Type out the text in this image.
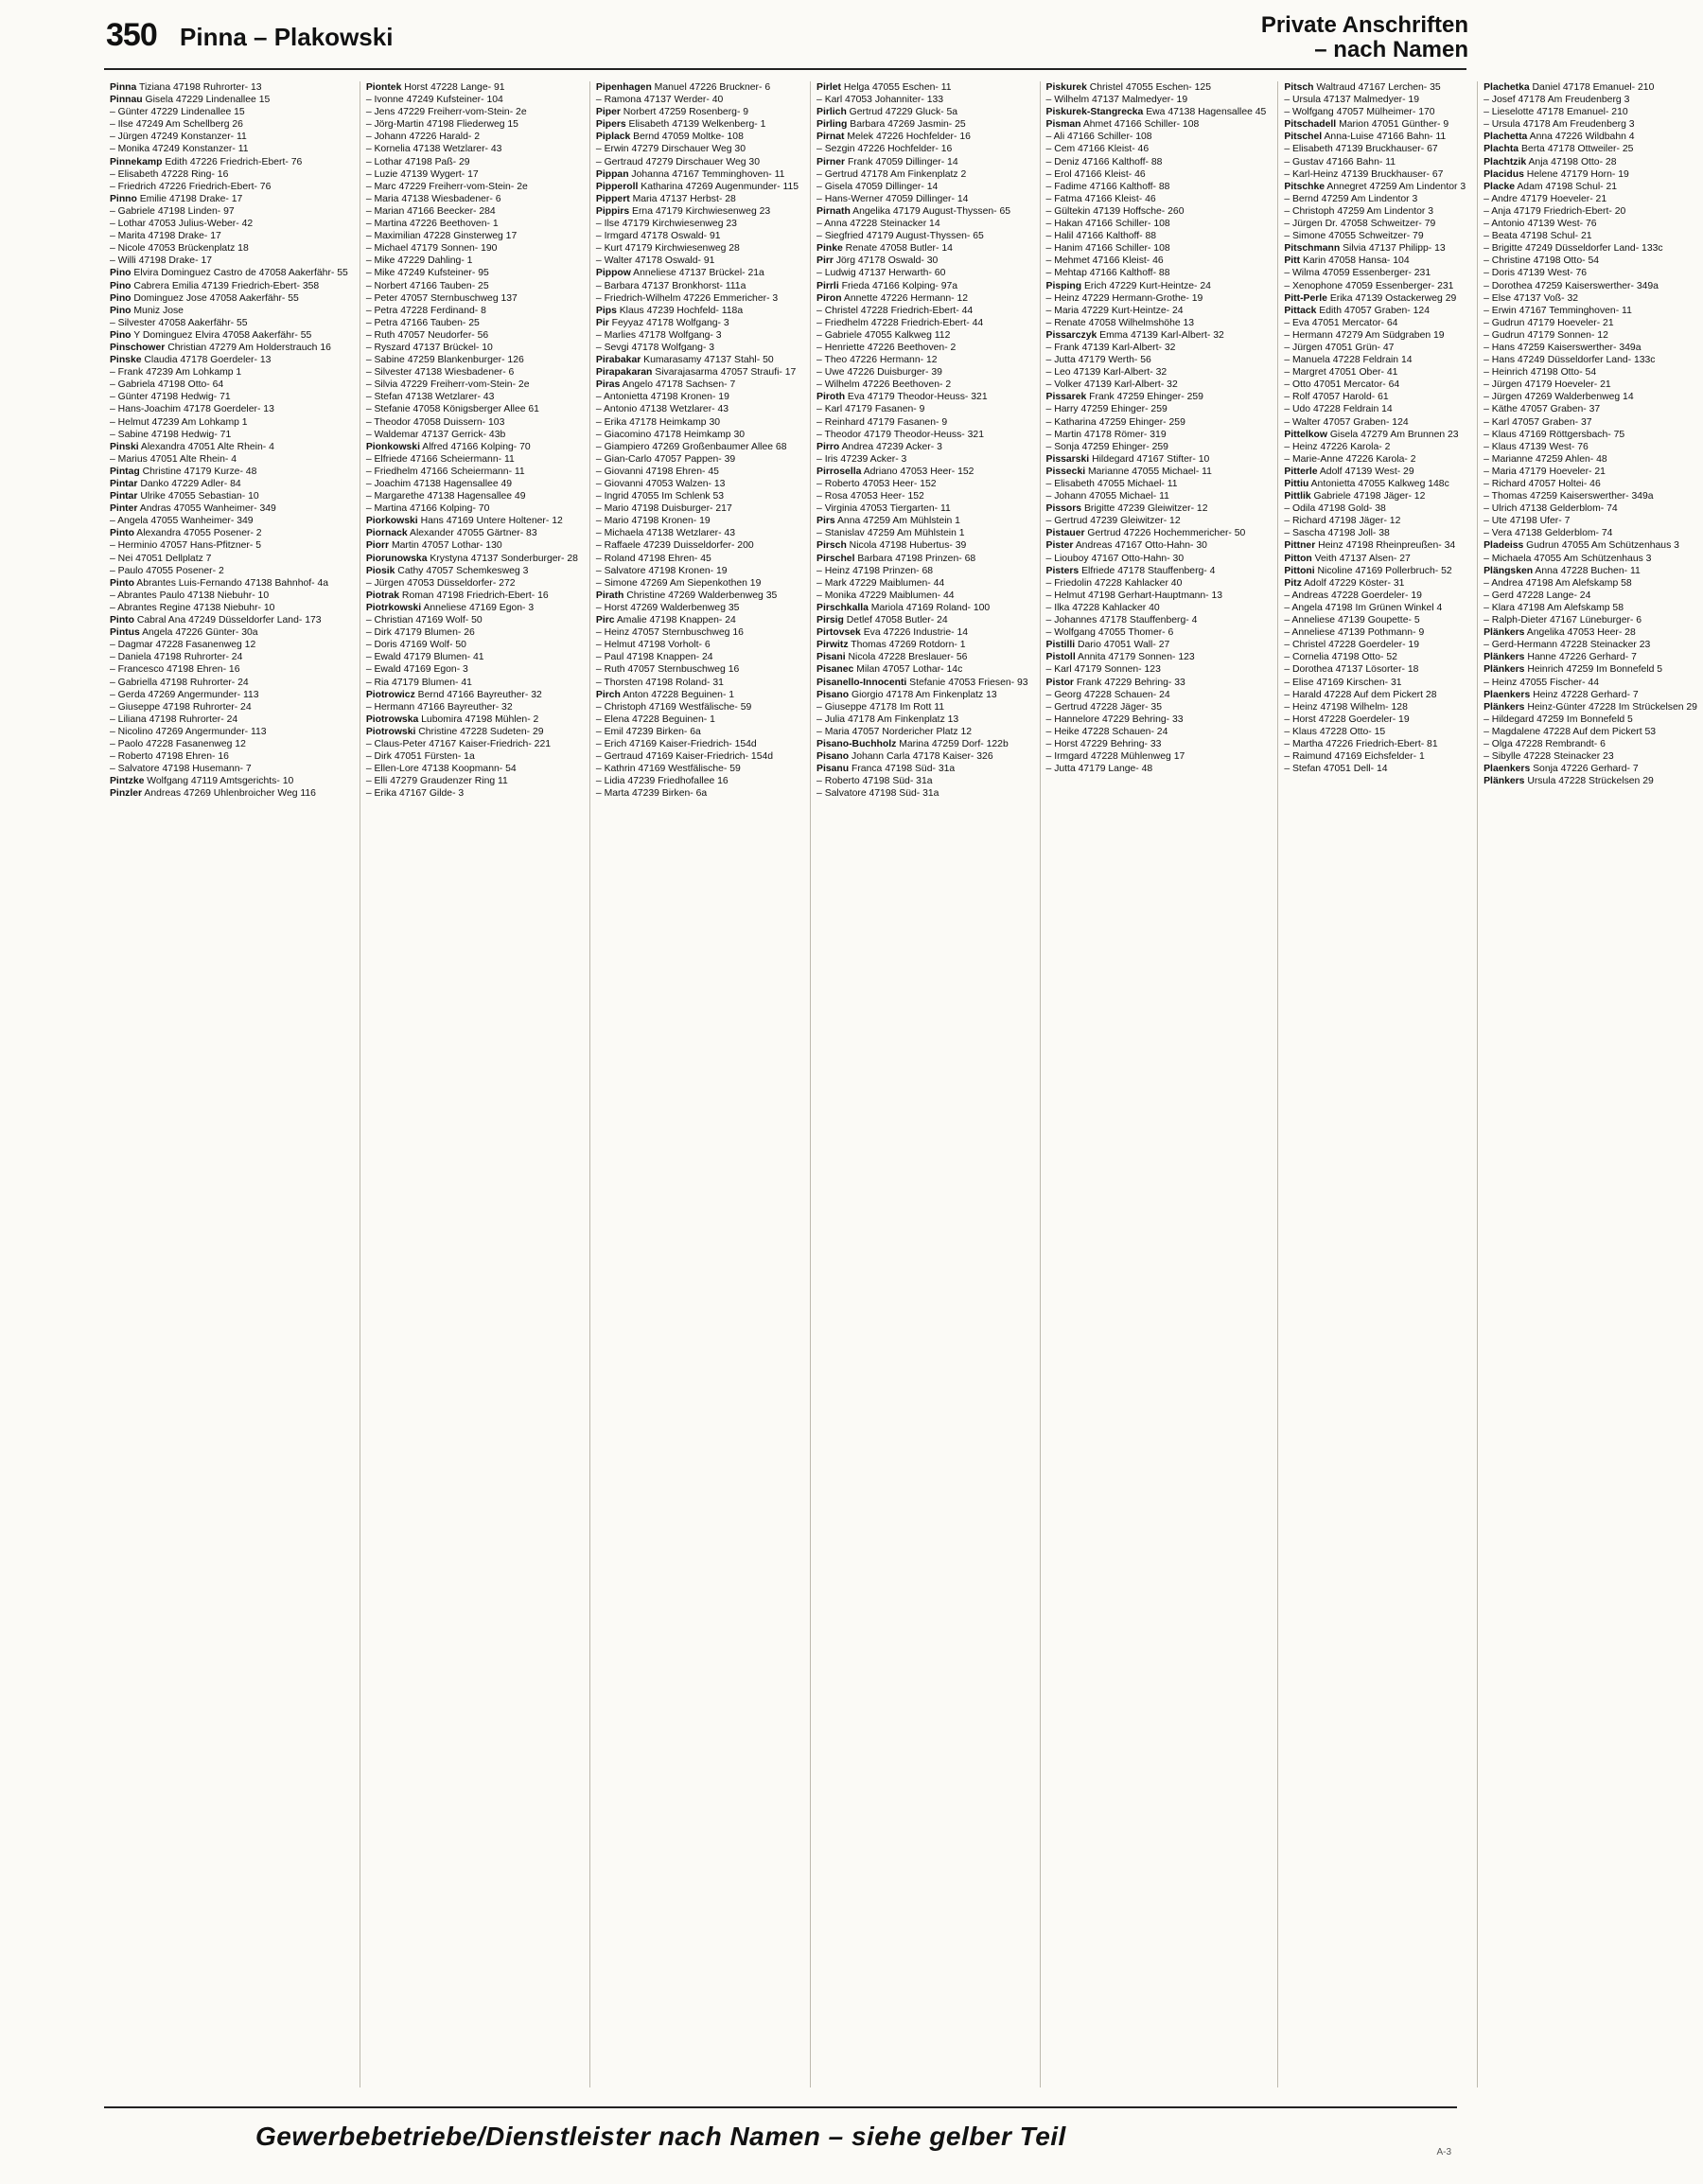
350 Pinna – Plakowski	Private Anschriften
– nach Namen
Pinna Tiziana 47198 Ruhrorter- 13
Pinnau Gisela 47229 Lindenallee 15
– Günter 47229 Lindenallee 15
– Ilse 47249 Am Schellberg 26
– Jürgen 47249 Konstanzer- 11
– Monika 47249 Konstanzer- 11
Pinnekamp Edith 47226 Friedrich-Ebert- 76
– Elisabeth 47228 Ring- 16
– Friedrich 47226 Friedrich-Ebert- 76
Pinno Emilie 47198 Drake- 17
– Gabriele 47198 Linden- 97
– Lothar 47053 Julius-Weber- 42
– Marita 47198 Drake- 17
– Nicole 47053 Brückenplatz 18
– Willi 47198 Drake- 17
Pino Elvira Dominguez Castro de 47058 Aakerfähr- 55
Pino Cabrera Emilia 47139 Friedrich-Ebert- 358
Pino Dominguez Jose 47058 Aakerfähr- 55
Pino Muniz Jose
– Silvester 47058 Aakerfähr- 55
Pino Y Dominguez Elvira 47058 Aakerfähr- 55
Pinschower Christian 47279 Am Holderstrauch 16
Pinske Claudia 47178 Goerdeler- 13
– Frank 47239 Am Lohkamp 1
– Gabriela 47198 Otto- 64
– Günter 47198 Hedwig- 71
– Hans-Joachim 47178 Goerdeler- 13
– Helmut 47239 Am Lohkamp 1
– Sabine 47198 Hedwig- 71
Pinski Alexandra 47051 Alte Rhein- 4
– Marius 47051 Alte Rhein- 4
Pintag Christine 47179 Kurze- 48
Pintar Danko 47229 Adler- 84
Pintar Ulrike 47055 Sebastian- 10
Pinter Andras 47055 Wanheimer- 349
– Angela 47055 Wanheimer- 349
Pinto Alexandra 47055 Posener- 2
– Herminio 47057 Hans-Pfitzner- 5
– Nei 47051 Dellplatz 7
– Paulo 47055 Posener- 2
Pinto Abrantes Luis-Fernando 47138 Bahnhof- 4a
– Abrantes Paulo 47138 Niebuhr- 10
– Abrantes Regine 47138 Niebuhr- 10
Pinto Cabral Ana 47249 Düsseldorfer Land- 173
Pintus Angela 47226 Günter- 30a
– Dagmar 47228 Fasanenweg 12
– Daniela 47198 Ruhrorter- 24
– Francesco 47198 Ehren- 16
– Gabriella 47198 Ruhrorter- 24
– Gerda 47269 Angermunder- 113
– Giuseppe 47198 Ruhrorter- 24
– Liliana 47198 Ruhrorter- 24
– Nicolino 47269 Angermunder- 113
– Paolo 47228 Fasanenweg 12
– Roberto 47198 Ehren- 16
– Salvatore 47198 Husemann- 7
Pintzke Wolfgang 47119 Amtsgerichts- 10
Pinzler Andreas 47269 Uhlenbroicher Weg 116
Piontek Horst 47228 Lange- 91
– Ivonne 47249 Kufsteiner- 104
– Jens 47229 Freiherr-vom-Stein- 2e
– Jörg-Martin 47198 Fliederweg 15
– Johann 47226 Harald- 2
– Kornelia 47138 Wetzlarer- 43
– Lothar 47198 Paß- 29
– Luzie 47139 Wygert- 17
– Marc 47229 Freiherr-vom-Stein- 2e
– Maria 47138 Wiesbadener- 6
– Marian 47166 Beecker- 284
– Martina 47226 Beethoven- 1
– Maximilian 47228 Ginsterweg 17
– Michael 47179 Sonnen- 190
– Mike 47229 Dahling- 1
– Mike 47249 Kufsteiner- 95
– Norbert 47166 Tauben- 25
– Peter 47057 Sternbuschweg 137
– Petra 47228 Ferdinand- 8
– Petra 47166 Tauben- 25
– Ruth 47057 Neudorfer- 56
– Ryszard 47137 Brückel- 10
– Sabine 47259 Blankenburger- 126
– Silvester 47138 Wiesbadener- 6
– Silvia 47229 Freiherr-vom-Stein- 2e
– Stefan 47138 Wetzlarer- 43
– Stefanie 47058 Königsberger Allee 61
– Theodor 47058 Duissern- 103
– Waldemar 47137 Gerrick- 43b
Pionkowski Alfred 47166 Kolping- 70
– Elfriede 47166 Scheiermann- 11
– Friedhelm 47166 Scheiermann- 11
– Joachim 47138 Hagensallee 49
– Margarethe 47138 Hagensallee 49
– Martina 47166 Kolping- 70
Piorkowski Hans 47169 Untere Holtener- 12
Piornack Alexander 47055 Gärtner- 83
Piorr Martin 47057 Lothar- 130
Piorunowska Krystyna 47137 Sonderburger- 28
Piosik Cathy 47057 Schemkesweg 3
– Jürgen 47053 Düsseldorfer- 272
Piotrak Roman 47198 Friedrich-Ebert- 16
Piotrkowski Anneliese 47169 Egon- 3
– Christian 47169 Wolf- 50
– Dirk 47179 Blumen- 26
– Doris 47169 Wolf- 50
– Ewald 47179 Blumen- 41
– Ewald 47169 Egon- 3
– Ria 47179 Blumen- 41
Piotrowicz Bernd 47166 Bayreuther- 32
– Hermann 47166 Bayreuther- 32
Piotrowska Lubomira 47198 Mühlen- 2
Piotrowski Christine 47228 Sudeten- 29
– Claus-Peter 47167 Kaiser-Friedrich- 221
– Dirk 47051 Fürsten- 1a
– Ellen-Lore 47138 Koopmann- 54
– Elli 47279 Graudenzer Ring 11
– Erika 47167 Gilde- 3
Pipenhagen Manuel 47226 Bruckner- 6
– Ramona 47137 Werder- 40
Piper Norbert 47259 Rosenberg- 9
Pipers Elisabeth 47139 Welkenberg- 1
Piplack Bernd 47059 Moltke- 108
– Erwin 47279 Dirschauer Weg 30
– Gertraud 47279 Dirschauer Weg 30
Pippan Johanna 47167 Temminghoven- 11
Pipperoll Katharina 47269 Augenmunder- 115
Pippert Maria 47137 Herbst- 28
Pippirs Erna 47179 Kirchwiesenweg 23
– Ilse 47179 Kirchwiesenweg 23
– Irmgard 47178 Oswald- 91
– Kurt 47179 Kirchwiesenweg 28
– Walter 47178 Oswald- 91
Pippow Anneliese 47137 Brückel- 21a
– Barbara 47137 Bronkhorst- 111a
– Friedrich-Wilhelm 47226 Emmericher- 3
Pips Klaus 47239 Hochfeld- 118a
Pir Feyyaz 47178 Wolfgang- 3
– Marlies 47178 Wolfgang- 3
– Sevgi 47178 Wolfgang- 3
Pirabakar Kumarasamy 47137 Stahl- 50
Pirapakaran Sivarajasarma 47057 Straufi- 17
Piras Angelo 47178 Sachsen- 7
– Antonietta 47198 Kronen- 19
– Antonio 47138 Wetzlarer- 43
– Erika 47178 Heimkamp 30
– Giacomino 47178 Heimkamp 30
– Giampiero 47269 Großenbaumer Allee 68
– Gian-Carlo 47057 Pappen- 39
– Giovanni 47198 Ehren- 45
– Giovanni 47053 Walzen- 13
– Ingrid 47055 Im Schlenk 53
– Mario 47198 Duisburger- 217
– Mario 47198 Kronen- 19
– Michaela 47138 Wetzlarer- 43
– Raffaele 47239 Duisseldorfer- 200
– Roland 47198 Ehren- 45
– Salvatore 47198 Kronen- 19
– Simone 47269 Am Siepenkothen 19
Pirath Christine 47269 Walderbenweg 35
– Horst 47269 Walderbenweg 35
Pirc Amalie 47198 Knappen- 24
– Heinz 47057 Sternbuschweg 16
– Helmut 47198 Vorholt- 6
– Paul 47198 Knappen- 24
– Ruth 47057 Sternbuschweg 16
– Thorsten 47198 Roland- 31
Pirch Anton 47228 Beguinen- 1
– Christoph 47169 Westfälische- 59
– Elena 47228 Beguinen- 1
– Emil 47239 Birken- 6a
– Erich 47169 Kaiser-Friedrich- 154d
– Gertraud 47169 Kaiser-Friedrich- 154d
– Kathrin 47169 Westfälische- 59
– Lidia 47239 Friedhofallee 16
– Marta 47239 Birken- 6a
Pirlet Helga 47055 Eschen- 11
– Karl 47053 Johanniter- 133
Pirlich Gertrud 47229 Gluck- 5a
Pirling Barbara 47269 Jasmin- 25
Pirnat Melek 47226 Hochfelder- 16
– Sezgin 47226 Hochfelder- 16
Pirner Frank 47059 Dillinger- 14
– Gertrud 47178 Am Finkenplatz 2
– Gisela 47059 Dillinger- 14
– Hans-Werner 47059 Dillinger- 14
Pirnath Angelika 47179 August-Thyssen- 65
– Anna 47228 Steinacker 14
– Siegfried 47179 August-Thyssen- 65
Pinke Renate 47058 Butler- 14
Pirr Jörg 47178 Oswald- 30
– Ludwig 47137 Herwarth- 60
Pirrli Frieda 47166 Kolping- 97a
Piron Annette 47226 Hermann- 12
– Christel 47228 Friedrich-Ebert- 44
– Friedhelm 47228 Friedrich-Ebert- 44
– Gabriele 47055 Kalkweg 112
– Henriette 47226 Beethoven- 2
– Theo 47226 Hermann- 12
– Uwe 47226 Duisburger- 39
– Wilhelm 47226 Beethoven- 2
Piroth Eva 47179 Theodor-Heuss- 321
– Karl 47179 Fasanen- 9
– Reinhard 47179 Fasanen- 9
– Theodor 47179 Theodor-Heuss- 321
Pirro Andrea 47239 Acker- 3
– Iris 47239 Acker- 3
Pirrosella Adriano 47053 Heer- 152
– Roberto 47053 Heer- 152
– Rosa 47053 Heer- 152
– Virginia 47053 Tiergarten- 11
Pirs Anna 47259 Am Mühlstein 1
– Stanislav 47259 Am Mühlstein 1
Pirsch Nicola 47198 Hubertus- 39
Pirschel Barbara 47198 Prinzen- 68
– Heinz 47198 Prinzen- 68
– Mark 47229 Maiblumen- 44
– Monika 47229 Maiblumen- 44
Pirschkalla Mariola 47169 Roland- 100
Pirsig Detlef 47058 Butler- 24
Pirtovsek Eva 47226 Industrie- 14
Pirwitz Thomas 47269 Rotdorn- 1
Pisani Nicola 47228 Breslauer- 56
Pisanec Milan 47057 Lothar- 14c
Pisanello-Innocenti Stefanie 47053 Friesen- 93
Pisano Giorgio 47178 Am Finkenplatz 13
– Giuseppe 47178 Im Rott 11
– Julia 47178 Am Finkenplatz 13
– Maria 47057 Nordericher Platz 12
Pisano-Buchholz Marina 47259 Dorf- 122b
Pisano Johann Carla 47178 Kaiser- 326
Pisanu Franca 47198 Süd- 31a
– Roberto 47198 Süd- 31a
– Salvatore 47198 Süd- 31a
Piskurek Christel 47055 Eschen- 125
– Wilhelm 47137 Malmedyer- 19
Piskurek-Stangrecka Ewa 47138 Hagensallee 45
Pisman Ahmet 47166 Schiller- 108
– Ali 47166 Schiller- 108
– Cem 47166 Kleist- 46
– Deniz 47166 Kalthoff- 88
– Erol 47166 Kleist- 46
– Fadime 47166 Kalthoff- 88
– Fatma 47166 Kleist- 46
– Gültekin 47139 Hoffsche- 260
– Hakan 47166 Schiller- 108
– Halil 47166 Kalthoff- 88
– Hanim 47166 Schiller- 108
– Mehmet 47166 Kleist- 46
– Mehtap 47166 Kalthoff- 88
Pisping Erich 47229 Kurt-Heintze- 24
– Heinz 47229 Hermann-Grothe- 19
– Maria 47229 Kurt-Heintze- 24
– Renate 47058 Wilhelmshöhe 13
Pissarczyk Emma 47139 Karl-Albert- 32
– Frank 47139 Karl-Albert- 32
– Jutta 47179 Werth- 56
– Leo 47139 Karl-Albert- 32
– Volker 47139 Karl-Albert- 32
Pissarek Frank 47259 Ehinger- 259
– Harry 47259 Ehinger- 259
– Katharina 47259 Ehinger- 259
– Martin 47178 Römer- 319
– Sonja 47259 Ehinger- 259
Pissarski Hildegard 47167 Stifter- 10
Pissecki Marianne 47055 Michael- 11
– Elisabeth 47055 Michael- 11
– Johann 47055 Michael- 11
Pissors Brigitte 47239 Gleiwitzer- 12
– Gertrud 47239 Gleiwitzer- 12
Pistauer Gertrud 47226 Hochemmericher- 50
Pister Andreas 47167 Otto-Hahn- 30
– Liouboy 47167 Otto-Hahn- 30
Pisters Elfriede 47178 Stauffenberg- 4
– Friedolin 47228 Kahlacker 40
– Helmut 47198 Gerhart-Hauptmann- 13
– Ilka 47228 Kahlacker 40
– Johannes 47178 Stauffenberg- 4
– Wolfgang 47055 Thomer- 6
Pistilli Dario 47051 Wall- 27
Pistoll Annita 47179 Sonnen- 123
– Karl 47179 Sonnen- 123
Pistor Frank 47229 Behring- 33
– Georg 47228 Schauen- 24
– Gertrud 47228 Jäger- 35
– Hannelore 47229 Behring- 33
– Heike 47228 Schauen- 24
– Horst 47229 Behring- 33
– Irmgard 47228 Mühlenweg 17
– Jutta 47179 Lange- 48
Pitsch Waltraud 47167 Lerchen- 35
– Ursula 47137 Malmedyer- 19
– Wolfgang 47057 Mülheimer- 170
Pitschadell Marion 47051 Günther- 9
Pitschel Anna-Luise 47166 Bahn- 11
– Elisabeth 47139 Bruckhauser- 67
– Gustav 47166 Bahn- 11
– Karl-Heinz 47139 Bruckhauser- 67
Pitschke Annegret 47259 Am Lindentor 3
– Bernd 47259 Am Lindentor 3
– Christoph 47259 Am Lindentor 3
– Jürgen Dr. 47058 Schweitzer- 79
– Simone 47055 Schweitzer- 79
Pitschmann Silvia 47137 Philipp- 13
Pitt Karin 47058 Hansa- 104
– Wilma 47059 Essenberger- 231
– Xenophone 47059 Essenberger- 231
Pitt-Perle Erika 47139 Ostackerweg 29
Pittack Edith 47057 Graben- 124
– Eva 47051 Mercator- 64
– Hermann 47279 Am Südgraben 19
– Jürgen 47051 Grün- 47
– Manuela 47228 Feldrain 14
– Margret 47051 Ober- 41
– Otto 47051 Mercator- 64
– Rolf 47057 Harold- 61
– Udo 47228 Feldrain 14
– Walter 47057 Graben- 124
Pittelkow Gisela 47279 Am Brunnen 23
– Heinz 47226 Karola- 2
– Marie-Anne 47226 Karola- 2
Pitterle Adolf 47139 West- 29
Pittiu Antonietta 47055 Kalkweg 148c
Pittlik Gabriele 47198 Jäger- 12
– Odila 47198 Gold- 38
– Richard 47198 Jäger- 12
– Sascha 47198 Joll- 38
Pittner Heinz 47198 Rheinpreußen- 34
Pitton Veith 47137 Alsen- 27
Pittoni Nicoline 47169 Pollerbruch- 52
Pitz Adolf 47229 Köster- 31
– Andreas 47228 Goerdeler- 19
– Angela 47198 Im Grünen Winkel 4
– Anneliese 47139 Goupette- 5
– Anneliese 47139 Pothmann- 9
– Christel 47228 Goerdeler- 19
– Cornelia 47198 Otto- 52
– Dorothea 47137 Lösorter- 18
– Elise 47169 Kirschen- 31
– Harald 47228 Auf dem Pickert 28
– Heinz 47198 Wilhelm- 128
– Horst 47228 Goerdeler- 19
– Klaus 47228 Otto- 15
– Martha 47226 Friedrich-Ebert- 81
– Raimund 47169 Eichsfelder- 1
– Stefan 47051 Dell- 14
Plachetka Daniel 47178 Emanuel- 210
– Josef 47178 Am Freudenberg 3
– Lieselotte 47178 Emanuel- 210
– Ursula 47178 Am Freudenberg 3
Plachetta Anna 47226 Wildbahn 4
Plachta Berta 47178 Ottweiler- 25
Plachtzik Anja 47198 Otto- 28
Placidus Helene 47179 Horn- 19
Placke Adam 47198 Schul- 21
– Andre 47179 Hoeveler- 21
– Anja 47179 Friedrich-Ebert- 20
– Antonio 47139 West- 76
– Beata 47198 Schul- 21
– Brigitte 47249 Düsseldorfer Land- 133c
– Christine 47198 Otto- 54
– Doris 47139 West- 76
– Dorothea 47259 Kaiserswerther- 349a
– Else 47137 Voß- 32
– Erwin 47167 Temminghoven- 11
– Gudrun 47179 Hoeveler- 21
– Gudrun 47179 Sonnen- 12
– Hans 47259 Kaiserswerther- 349a
– Hans 47249 Düsseldorfer Land- 133c
– Heinrich 47198 Otto- 54
– Jürgen 47179 Hoeveler- 21
– Jürgen 47269 Walderbenweg 14
– Käthe 47057 Graben- 37
– Karl 47057 Graben- 37
– Klaus 47169 Röttgersbach- 75
– Klaus 47139 West- 76
– Marianne 47259 Ahlen- 48
– Maria 47179 Hoeveler- 21
– Richard 47057 Holtei- 46
– Thomas 47259 Kaiserswerther- 349a
– Ulrich 47138 Gelderblom- 74
– Ute 47198 Ufer- 7
– Vera 47138 Gelderblom- 74
Pladeiss Gudrun 47055 Am Schützenhaus 3
– Michaela 47055 Am Schützenhaus 3
Plängsken Anna 47228 Buchen- 11
– Andrea 47198 Am Alefskamp 58
– Gerd 47228 Lange- 24
– Klara 47198 Am Alefskamp 58
– Ralph-Dieter 47167 Lüneburger- 6
Plänkers Angelika 47053 Heer- 28
– Gerd-Hermann 47228 Steinacker 23
Plänkers Hanne 47226 Gerhard- 7
Plänkers Heinrich 47259 Im Bonnefeld 5
– Heinz 47055 Fischer- 44
Plaenkers Heinz 47228 Gerhard- 7
Plänkers Heinz-Günter 47228 Im Strückelsen 29
– Hildegard 47259 Im Bonnefeld 5
– Magdalene 47228 Auf dem Pickert 53
– Olga 47228 Rembrandt- 6
– Sibylle 47228 Steinacker 23
Plaenkers Sonja 47226 Gerhard- 7
Plänkers Ursula 47228 Strückelsen 29
Gewerbebetriebe/Dienstleister nach Namen – siehe gelber Teil
A-3
